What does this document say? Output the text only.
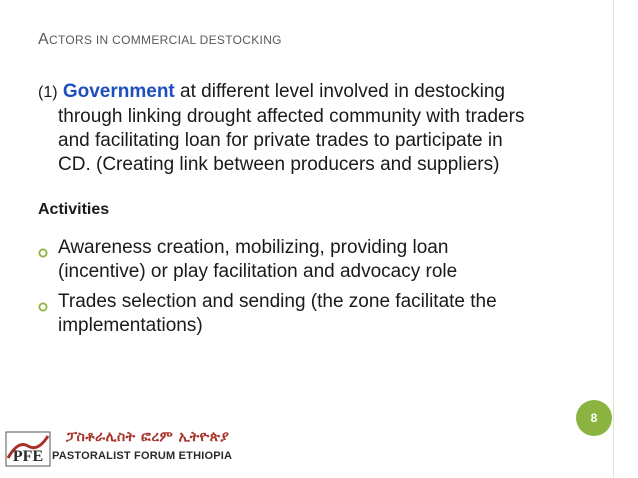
ACTORS IN COMMERCIAL DESTOCKING
(1) Government at different level involved in destocking
through linking drought affected community with traders
and facilitating loan for private trades to participate in
CD. (Creating link between producers and suppliers)
Activities
Awareness creation, mobilizing, providing loan
(incentive) or play facilitation and advocacy role
Trades selection and sending (the zone facilitate the
implementations)
8
PFE
ፓስቶራሊስት ፎረም ኢትዮጵያ
PASTORALIST FORUM ETHIOPIA
